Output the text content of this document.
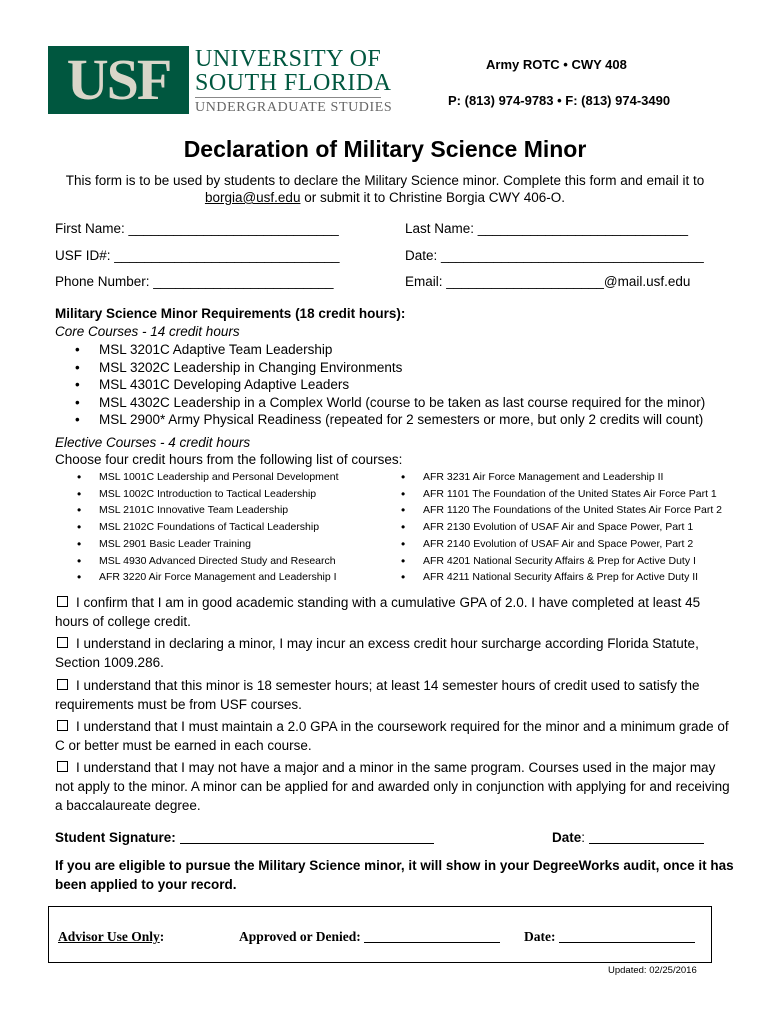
USF	UNIVERSITY OF
SOUTH FLORIDA
UNDERGRADUATE STUDIES
Army ROTC • CWY 408
P: (813) 974-9783 • F: (813) 974-3490
Declaration of Military Science Minor
This form is to be used by students to declare the Military Science minor. Complete this form and email it to
borgia@usf.edu or submit it to Christine Borgia CWY 406-O.
First Name: ____________________________	Last Name: ____________________________
USF ID#: ______________________________	Date: ___________________________________
Phone Number: ________________________	Email: _____________________@mail.usf.edu
Military Science Minor Requirements (18 credit hours):
Core Courses - 14 credit hours
• MSL 3201C Adaptive Team Leadership
• MSL 3202C Leadership in Changing Environments
• MSL 4301C Developing Adaptive Leaders
• MSL 4302C Leadership in a Complex World (course to be taken as last course required for the minor)
• MSL 2900* Army Physical Readiness (repeated for 2 semesters or more, but only 2 credits will count)
Elective Courses - 4 credit hours
Choose four credit hours from the following list of courses:
• MSL 1001C Leadership and Personal Development
• MSL 1002C Introduction to Tactical Leadership
• MSL 2101C Innovative Team Leadership
• MSL 2102C Foundations of Tactical Leadership
• MSL 2901 Basic Leader Training
• MSL 4930 Advanced Directed Study and Research
• AFR 3220 Air Force Management and Leadership I
• AFR 3231 Air Force Management and Leadership II
• AFR 1101 The Foundation of the United States Air Force Part 1
• AFR 1120 The Foundations of the United States Air Force Part 2
• AFR 2130 Evolution of USAF Air and Space Power, Part 1
• AFR 2140 Evolution of USAF Air and Space Power, Part 2
• AFR 4201 National Security Affairs & Prep for Active Duty I
• AFR 4211 National Security Affairs & Prep for Active Duty II
I confirm that I am in good academic standing with a cumulative GPA of 2.0. I have completed at least 45 hours of college credit.
I understand in declaring a minor, I may incur an excess credit hour surcharge according Florida Statute, Section 1009.286.
I understand that this minor is 18 semester hours; at least 14 semester hours of credit used to satisfy the requirements must be from USF courses.
I understand that I must maintain a 2.0 GPA in the coursework required for the minor and a minimum grade of C or better must be earned in each course.
I understand that I may not have a major and a minor in the same program. Courses used in the major may not apply to the minor. A minor can be applied for and awarded only in conjunction with applying for and receiving a baccalaureate degree.
Student Signature:	Date:
If you are eligible to pursue the Military Science minor, it will show in your DegreeWorks audit, once it has been applied to your record.
Advisor Use Only:	Approved or Denied:	Date:
Updated: 02/25/2016
